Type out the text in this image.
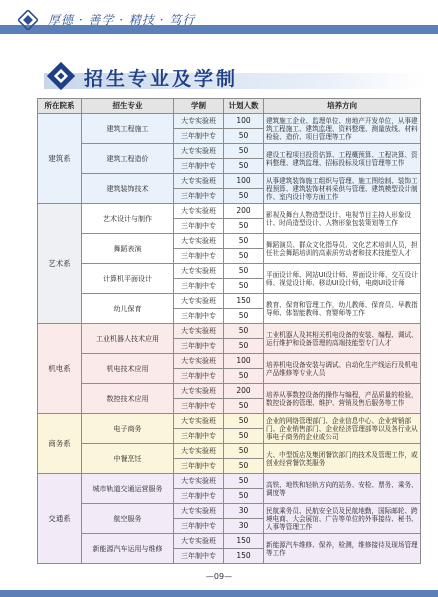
厚德 · 善学 · 精技 · 笃行
招生专业及学制
所在院系	招生专业	学制	计划人数	培养方向
建筑系	建筑工程施工	大专实验班	100	建筑施工企业、监理单位、房地产开发单位，从事建筑工程施工、建筑监理、资料整理、测量放线、材料检验、造价、项目管理等工作
		三年制中专	50	
	建筑工程造价	大专实验班	50	建设工程项目投资估算、工程概预算、工程决算、资料整理、建筑监理、招标投标及项目管理等工作
		三年制中专	50	
	建筑装饰技术	大专实验班	100	从事建筑装饰施工组织与管理、施工图绘制、装饰工程预算、建筑装饰材料采供与管理、建筑模型设计制作、室内设计等方面工作
		三年制中专	50	
艺术系	艺术设计与制作	大专实验班	200	影视及舞台人物造型设计、电视节目主持人形象设计、时尚造型设计、人物形象包装策划等工作
		三年制中专	50	
	舞蹈表演	大专实验班	50	舞蹈演员、群众文化指导员、文化艺术培训人员，担任社会舞蹈培训的高素质劳动者和技术技能型人才
		三年制中专	50	
	计算机平面设计	大专实验班	50	平面设计师、网站UI设计师、界面设计师、交互设计师、视觉设计师、移动UI设计师，电商UI设计师
		三年制中专	50	
	幼儿保育	大专实验班	150	教育、保育和管理工作，幼儿教师、保育员、早教指导师、体智能教师、育婴师等工作
		三年制中专	50	
机电系	工业机器人技术应用	大专实验班	50	工业机器人及其相关机电设备的安装、编程、调试、运行维护和设备管理的高端技能型专门人才
		三年制中专	50	
	机电技术应用	大专实验班	100	培养机电设备安装与调试、自动化生产线运行及机电产品维修等专业人员
		三年制中专	50	
	数控技术应用	大专实验班	200	培养从事数控设备的操作与编程，产品质量的检验，数控设备的管理、维护、营销及售后服务等工作
		三年制中专	50	
商务系	电子商务	大专实验班	50	企业的网络管理部门、企业信息中心、企业营销部门、企业销售部门、企业经济管理部等以及各行业从事电子商务的企业或公司
		三年制中专	50	
	中餐烹饪	大专实验班	50	大、中型饭店及集团餐饮部门的技术及管理工作，或创业经营餐饮类服务
		三年制中专	50	
交通系	城市轨道交通运营服务	大专实验班	50	高铁、地铁和轻轨方向的站务、安检、票务、乘务、调度等
		三年制中专	50	
	航空服务	大专实验班	30	民航乘务员、民航安全员及民航地勤，国际邮轮、跨境电商、大会展馆、广告等单位的外事接待、秘书、人事等管理工作
		三年制中专	30	
	新能源汽车运用与维修	大专实验班	150	新能源汽车维修、保养，检测，维修接待及现场管理等工作
		三年制中专	150	
—09—
